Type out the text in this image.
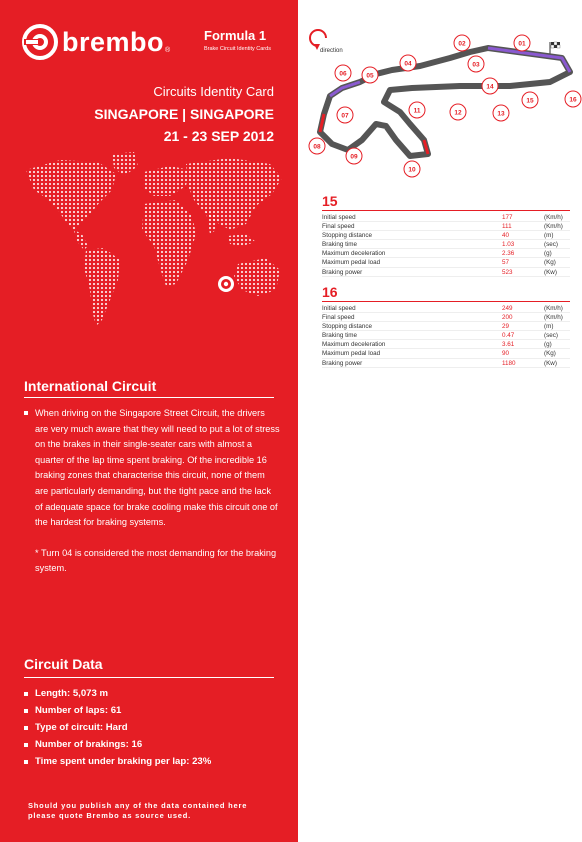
brembo ®
Formula 1
Brake Circuit Identity Cards
Circuits Identity Card
SINGAPORE | SINGAPORE
21 - 23 SEP 2012
International Circuit
When driving on the Singapore Street Circuit, the drivers are very much aware that they will need to put a lot of stress on the brakes in their single-seater cars with almost a quarter of the lap time spent braking. Of the incredible 16 braking zones that characterise this circuit, none of them are particularly demanding, but the tight pace and the lack of adequate space for brake cooling make this circuit one of the hardest for braking systems.
* Turn 04 is considered the most demanding for the braking system.
Circuit Data
Length: 5,073 m
Number of laps: 61
Type of circuit: Hard
Number of brakings: 16
Time spent under braking per lap: 23%
Should you publish any of the data contained here
please quote Brembo as source used.
direction
01
02
03
04
05
06
07
08
09
10
11	12	13
14
15	16
15
Initial speed	177	(Km/h)
Final speed	111	(Km/h)
Stopping distance	40	(m)
Braking time	1.03	(sec)
Maximum deceleration	2.36	(g)
Maximum pedal load	57	(Kg)
Braking power	523	(Kw)
16
Initial speed	249	(Km/h)
Final speed	200	(Km/h)
Stopping distance	29	(m)
Braking time	0.47	(sec)
Maximum deceleration	3.61	(g)
Maximum pedal load	90	(Kg)
Braking power	1180	(Kw)
